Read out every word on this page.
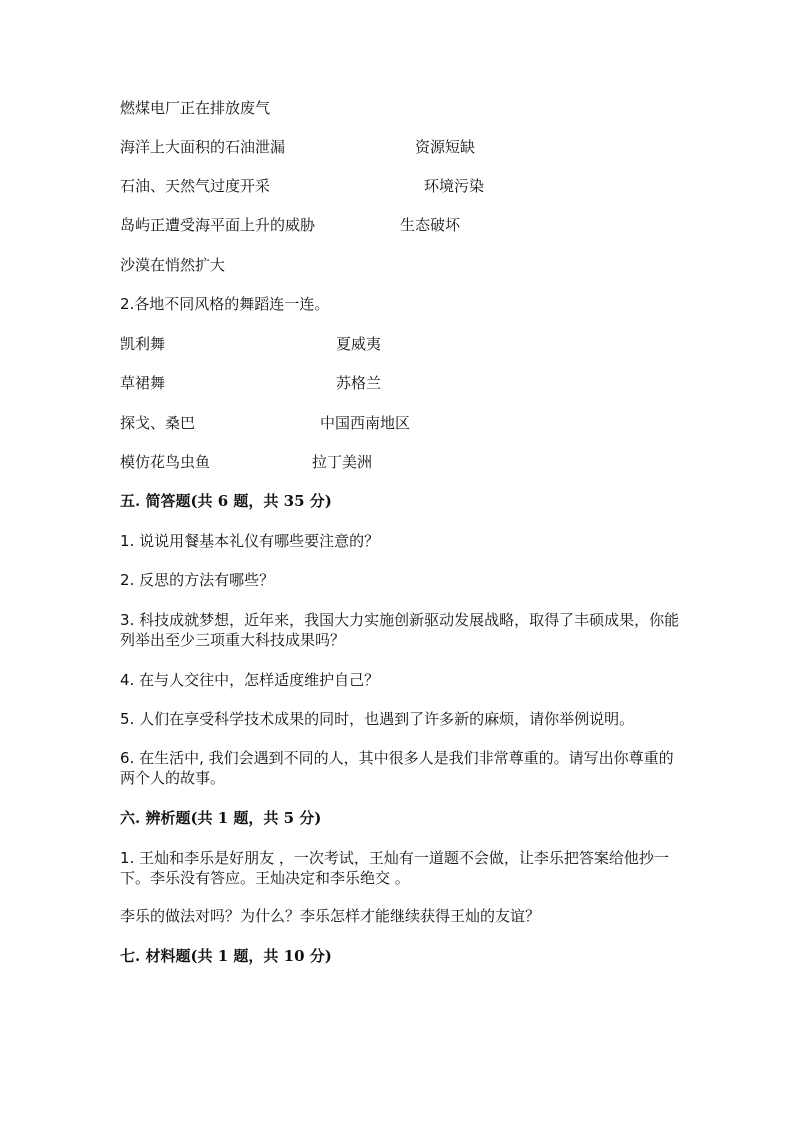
燃煤电厂正在排放废气
海洋上大面积的石油泄漏	资源短缺
石油、天然气过度开采	环境污染
岛屿正遭受海平面上升的威胁	生态破坏
沙漠在悄然扩大
2.各地不同风格的舞蹈连一连。
凯利舞	夏威夷
草裙舞	苏格兰
探戈、桑巴	中国西南地区
模仿花鸟虫鱼	拉丁美洲
五. 简答题(共 6 题，共 35 分)
1. 说说用餐基本礼仪有哪些要注意的？
2. 反思的方法有哪些？
3. 科技成就梦想，近年来，我国大力实施创新驱动发展战略，取得了丰硕成果，你能列举出至少三项重大科技成果吗？
4. 在与人交往中，怎样适度维护自己？
5. 人们在享受科学技术成果的同时，也遇到了许多新的麻烦，请你举例说明。
6. 在生活中, 我们会遇到不同的人，其中很多人是我们非常尊重的。请写出你尊重的两个人的故事。
六. 辨析题(共 1 题，共 5 分)
1. 王灿和李乐是好朋友 ，一次考试，王灿有一道题不会做，让李乐把答案给他抄一下。李乐没有答应。王灿决定和李乐绝交 。
李乐的做法对吗？为什么？李乐怎样才能继续获得王灿的友谊？
七. 材料题(共 1 题，共 10 分)
